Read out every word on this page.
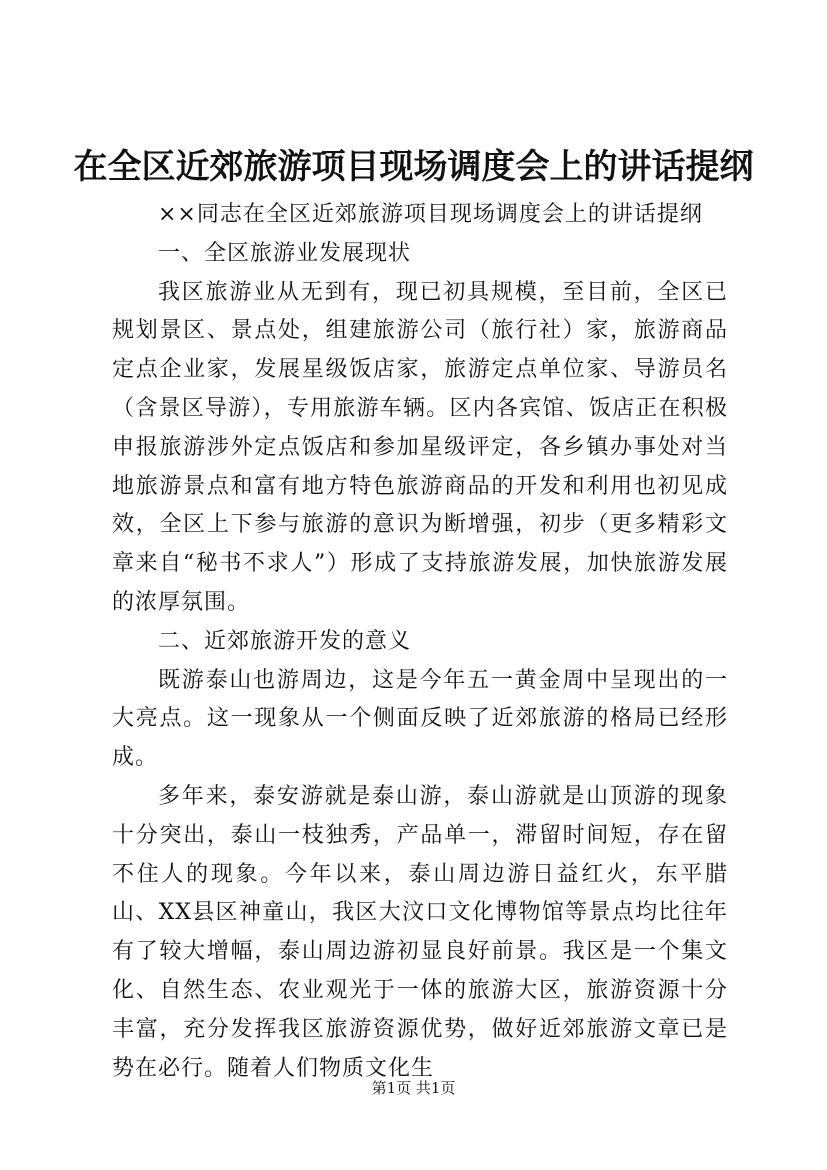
在全区近郊旅游项目现场调度会上的讲话提纲

××同志在全区近郊旅游项目现场调度会上的讲话提纲

一、全区旅游业发展现状

我区旅游业从无到有，现已初具规模，至目前，全区已规划景区、景点处，组建旅游公司（旅行社）家，旅游商品定点企业家，发展星级饭店家，旅游定点单位家、导游员名（含景区导游），专用旅游车辆。区内各宾馆、饭店正在积极申报旅游涉外定点饭店和参加星级评定，各乡镇办事处对当地旅游景点和富有地方特色旅游商品的开发和利用也初见成效，全区上下参与旅游的意识为断增强，初步（更多精彩文章来自“秘书不求人”）形成了支持旅游发展，加快旅游发展的浓厚氛围。

二、近郊旅游开发的意义

既游泰山也游周边，这是今年五一黄金周中呈现出的一大亮点。这一现象从一个侧面反映了近郊旅游的格局已经形成。

多年来，泰安游就是泰山游，泰山游就是山顶游的现象十分突出，泰山一枝独秀，产品单一，滞留时间短，存在留不住人的现象。今年以来，泰山周边游日益红火，东平腊山、XX县区神童山，我区大汶口文化博物馆等景点均比往年有了较大增幅，泰山周边游初显良好前景。我区是一个集文化、自然生态、农业观光于一体的旅游大区，旅游资源十分丰富，充分发挥我区旅游资源优势，做好近郊旅游文章已是势在必行。随着人们物质文化生

第1页 共1页
